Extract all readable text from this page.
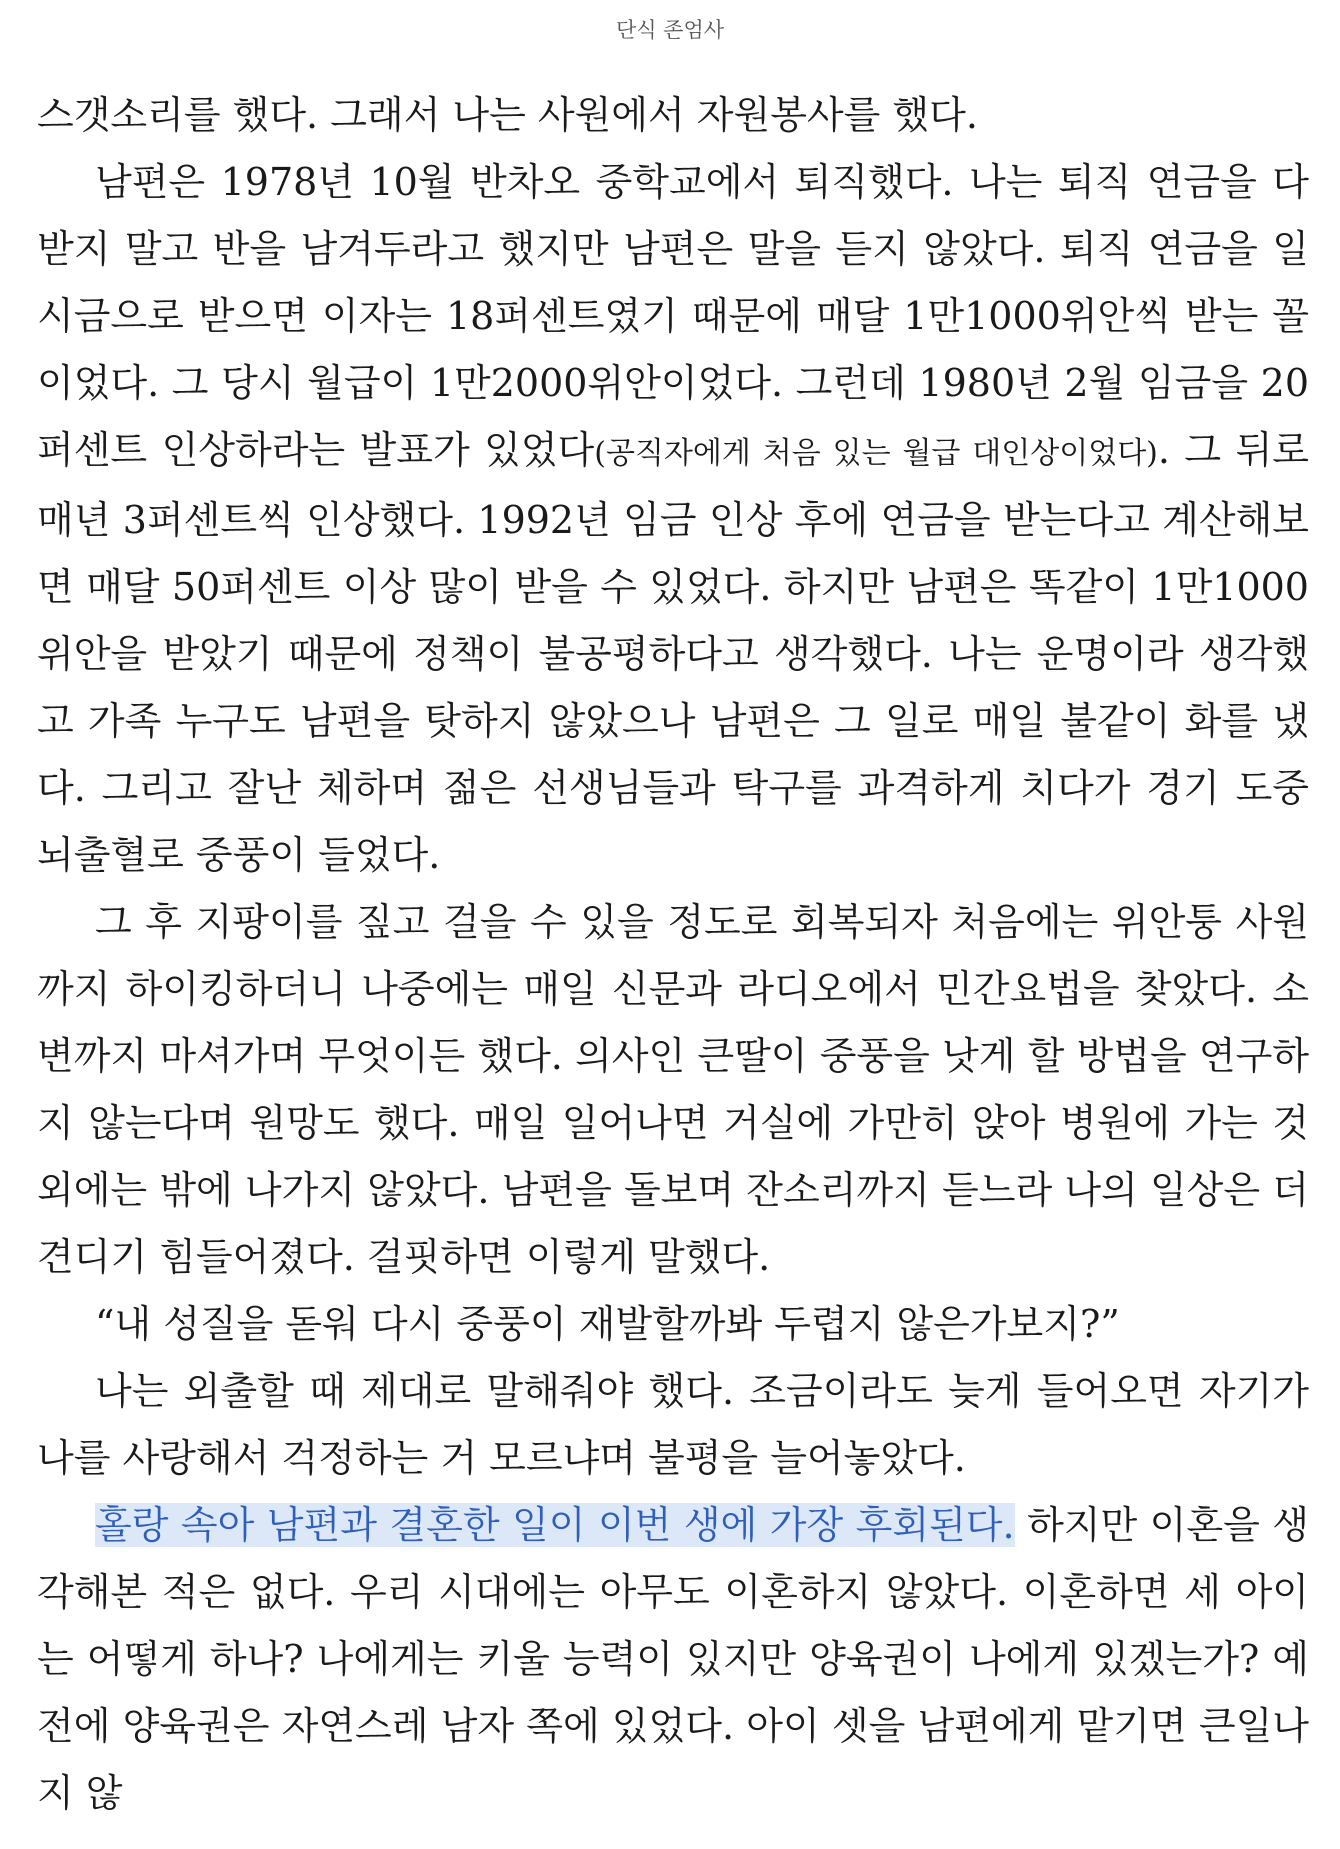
단식 존엄사

스갯소리를 했다. 그래서 나는 사원에서 자원봉사를 했다.

남편은 1978년 10월 반차오 중학교에서 퇴직했다. 나는 퇴직 연금을 다 받지 말고 반을 남겨두라고 했지만 남편은 말을 듣지 않았다. 퇴직 연금을 일시금으로 받으면 이자는 18퍼센트였기 때문에 매달 1만1000위안씩 받는 꼴이었다. 그 당시 월급이 1만2000위안이었다. 그런데 1980년 2월 임금을 20퍼센트 인상하라는 발표가 있었다(공직자에게 처음 있는 월급 대인상이었다). 그 뒤로 매년 3퍼센트씩 인상했다. 1992년 임금 인상 후에 연금을 받는다고 계산해보면 매달 50퍼센트 이상 많이 받을 수 있었다. 하지만 남편은 똑같이 1만1000위안을 받았기 때문에 정책이 불공평하다고 생각했다. 나는 운명이라 생각했고 가족 누구도 남편을 탓하지 않았으나 남편은 그 일로 매일 불같이 화를 냈다. 그리고 잘난 체하며 젊은 선생님들과 탁구를 과격하게 치다가 경기 도중 뇌출혈로 중풍이 들었다.

그 후 지팡이를 짚고 걸을 수 있을 정도로 회복되자 처음에는 위안퉁 사원까지 하이킹하더니 나중에는 매일 신문과 라디오에서 민간요법을 찾았다. 소변까지 마셔가며 무엇이든 했다. 의사인 큰딸이 중풍을 낫게 할 방법을 연구하지 않는다며 원망도 했다. 매일 일어나면 거실에 가만히 앉아 병원에 가는 것 외에는 밖에 나가지 않았다. 남편을 돌보며 잔소리까지 듣느라 나의 일상은 더 견디기 힘들어졌다. 걸핏하면 이렇게 말했다.

“내 성질을 돋워 다시 중풍이 재발할까봐 두렵지 않은가보지?”

나는 외출할 때 제대로 말해줘야 했다. 조금이라도 늦게 들어오면 자기가 나를 사랑해서 걱정하는 거 모르냐며 불평을 늘어놓았다.

홀랑 속아 남편과 결혼한 일이 이번 생에 가장 후회된다. 하지만 이혼을 생각해본 적은 없다. 우리 시대에는 아무도 이혼하지 않았다. 이혼하면 세 아이는 어떻게 하나? 나에게는 키울 능력이 있지만 양육권이 나에게 있겠는가? 예전에 양육권은 자연스레 남자 쪽에 있었다. 아이 셋을 남편에게 맡기면 큰일나지 않
